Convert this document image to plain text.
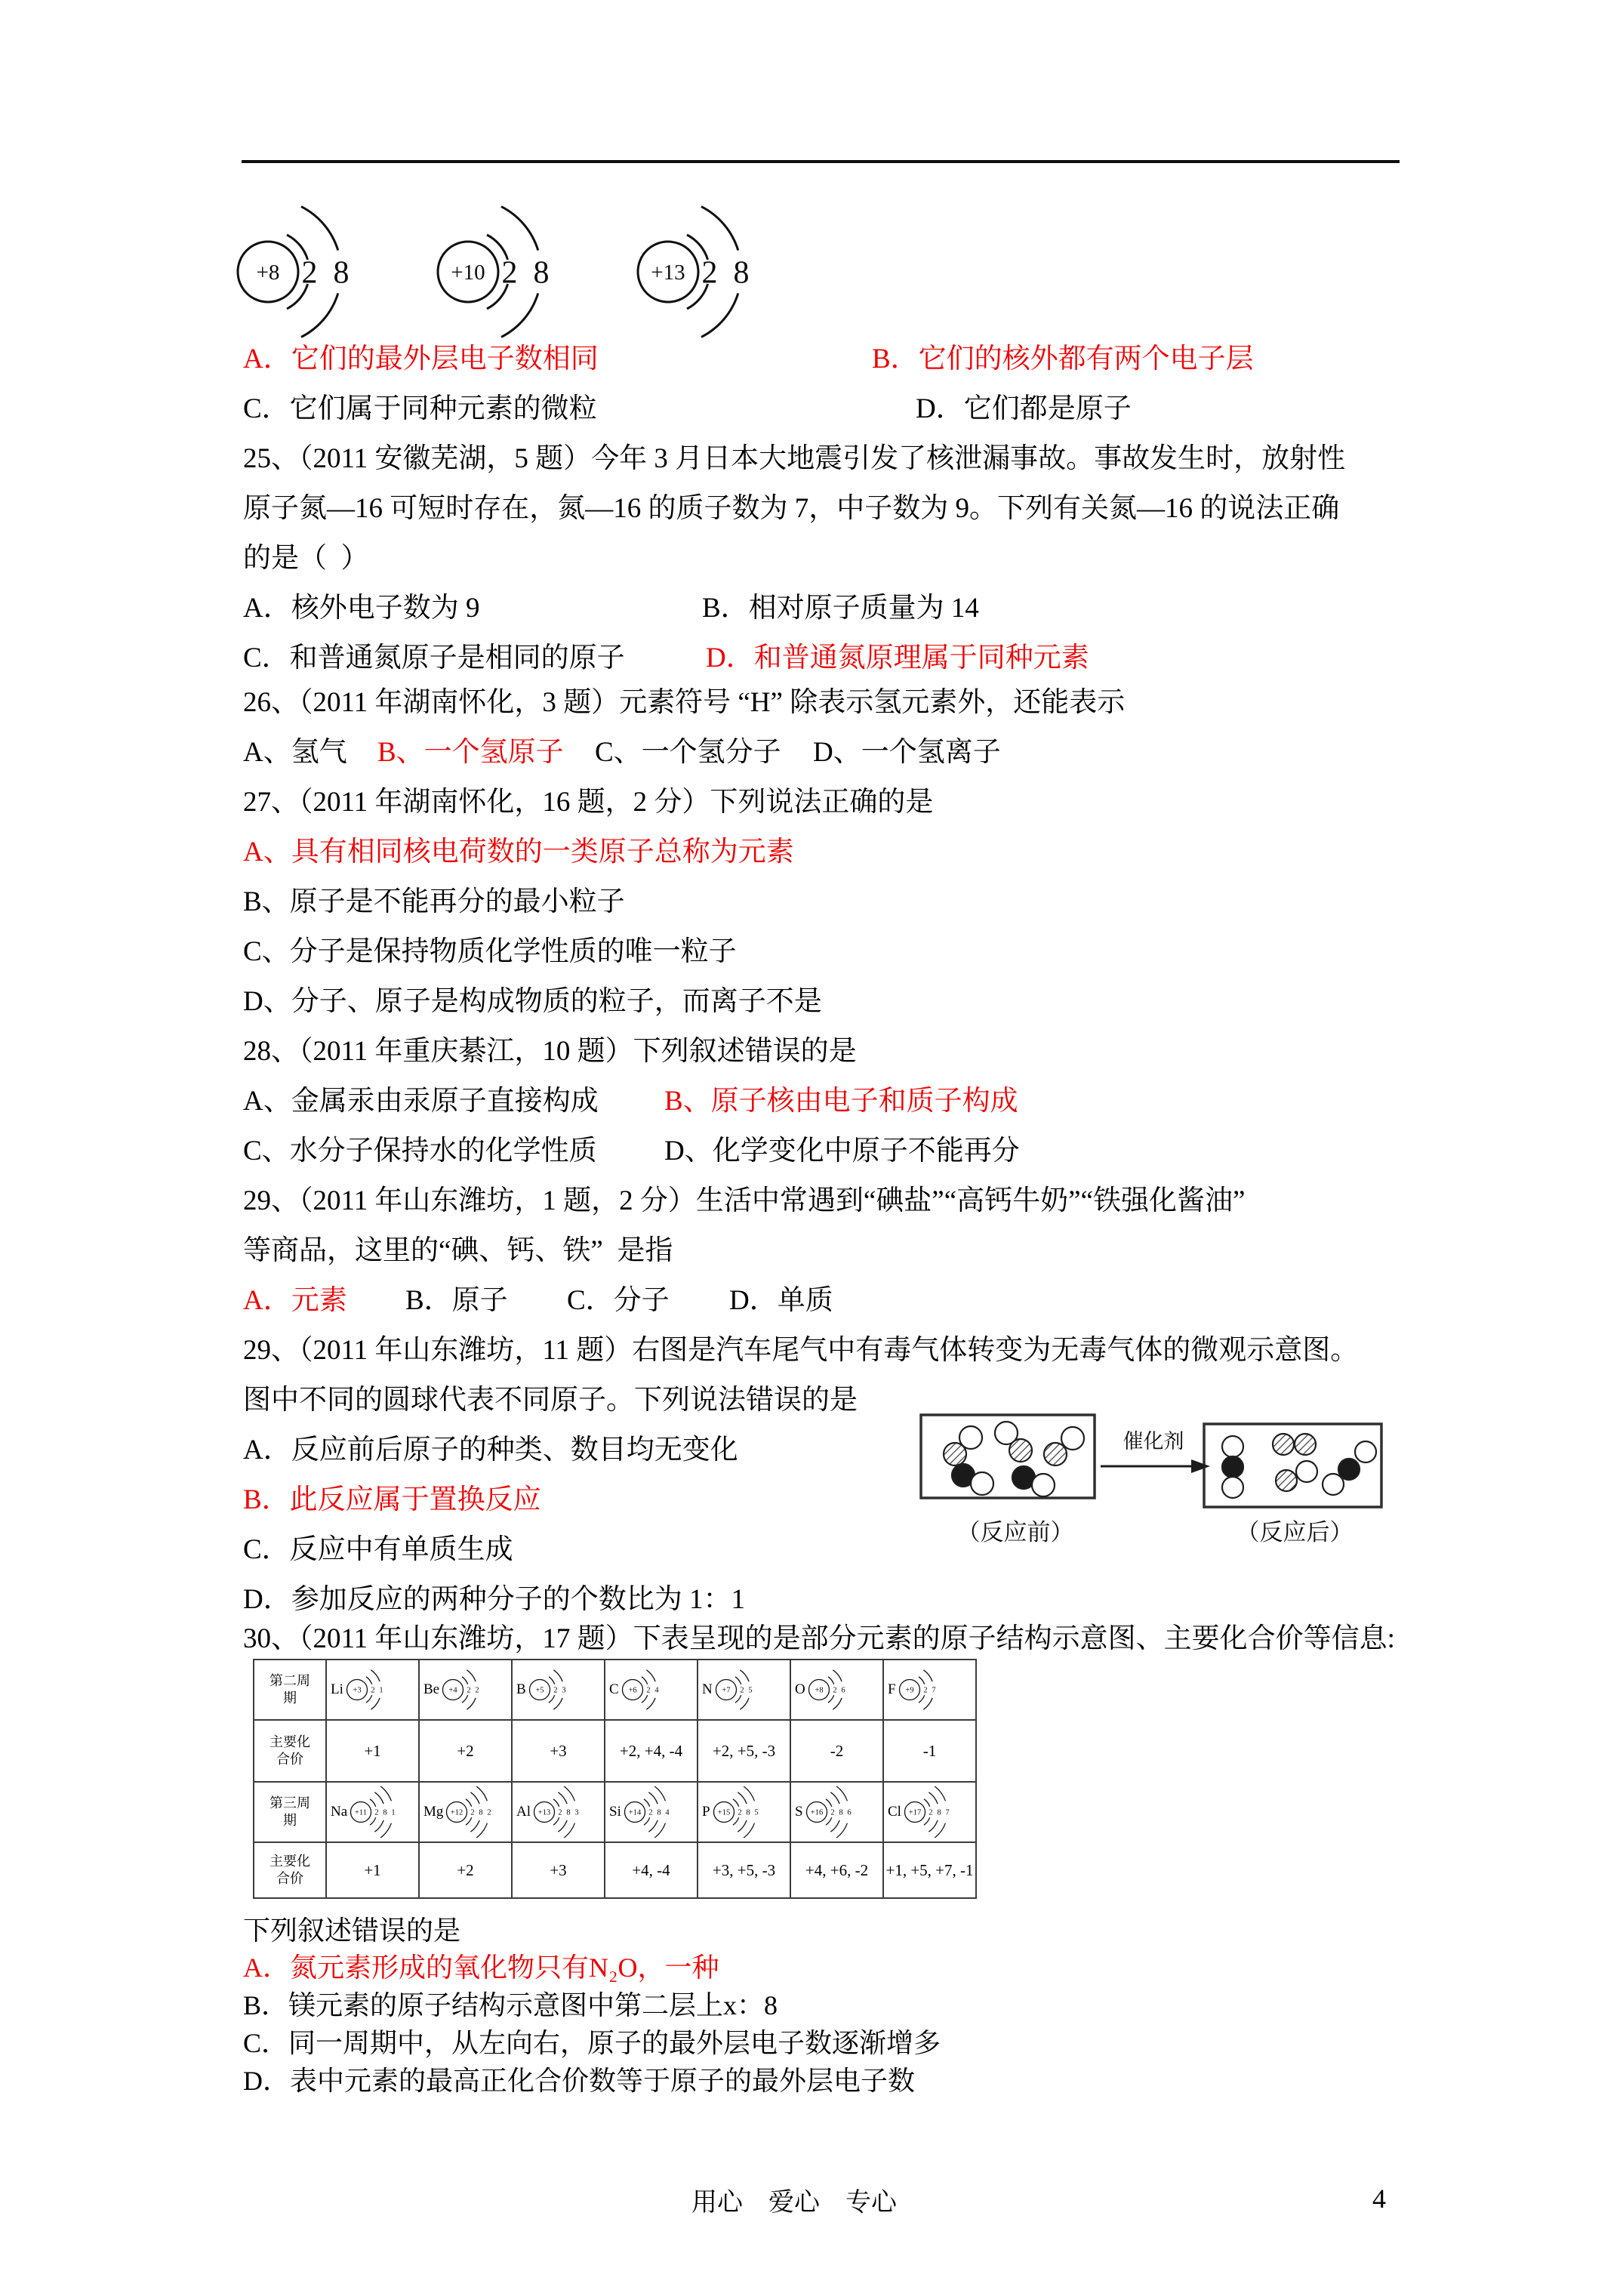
+8 2 8	+10 2 8	+13 2 8
A．它们的最外层电子数相同	B．它们的核外都有两个电子层
C．它们属于同种元素的微粒	D．它们都是原子
25、（2011 安徽芜湖，5 题）今年 3 月日本大地震引发了核泄漏事故。事故发生时，放射性
原子氮—16 可短时存在，氮—16 的质子数为 7，中子数为 9。下列有关氮—16 的说法正确
的是（  ）
A．核外电子数为 9	B．相对原子质量为 14
C．和普通氮原子是相同的原子	D．和普通氮原理属于同种元素
26、（2011 年湖南怀化，3 题）元素符号 “H” 除表示氢元素外，还能表示
A、氢气 B、一个氢原子 C、一个氢分子 D、一个氢离子
27、（2011 年湖南怀化，16 题，2 分）下列说法正确的是
A、具有相同核电荷数的一类原子总称为元素
B、原子是不能再分的最小粒子
C、分子是保持物质化学性质的唯一粒子
D、分子、原子是构成物质的粒子，而离子不是
28、（2011 年重庆綦江，10 题）下列叙述错误的是
A、金属汞由汞原子直接构成 B、原子核由电子和质子构成
C、水分子保持水的化学性质 D、化学变化中原子不能再分
29、（2011 年山东潍坊，1 题，2 分）生活中常遇到“碘盐”“高钙牛奶”“铁强化酱油”
等商品，这里的“碘、钙、铁”  是指
A．元素 B．原子 C．分子 D．单质
29、（2011 年山东潍坊，11 题）右图是汽车尾气中有毒气体转变为无毒气体的微观示意图。
图中不同的圆球代表不同原子。下列说法错误的是
A．反应前后原子的种类、数目均无变化
B．此反应属于置换反应
C．反应中有单质生成
D．参加反应的两种分子的个数比为 1：1
催化剂
（反应前）	（反应后）
30、（2011 年山东潍坊，17 题）下表呈现的是部分元素的原子结构示意图、主要化合价等信息:
第二周期	Li +3 2 1	Be +4 2 2	B +5 2 3	C +6 2 4	N +7 2 5	O +8 2 6	F +9 2 7

主要化合价	+1	+2	+3	+2, +4, -4	+2, +5, -3	-2	-1
第三周期	Na +11 2 8 1	Mg +12 2 8 2	Al +13 2 8 3	Si +14 2 8 4	P +15 2 8 5	S +16 2 8 6	Cl +17 2 8 7

主要化合价	+1	+2	+3	+4, -4	+3, +5, -3	+4, +6, -2	+1, +5, +7, -1
下列叙述错误的是
A．氮元素形成的氧化物只有N₂O，一种
B．镁元素的原子结构示意图中第二层上x：8
C．同一周期中，从左向右，原子的最外层电子数逐渐增多
D．表中元素的最高正化合价数等于原子的最外层电子数
用心　爱心　专心	4
